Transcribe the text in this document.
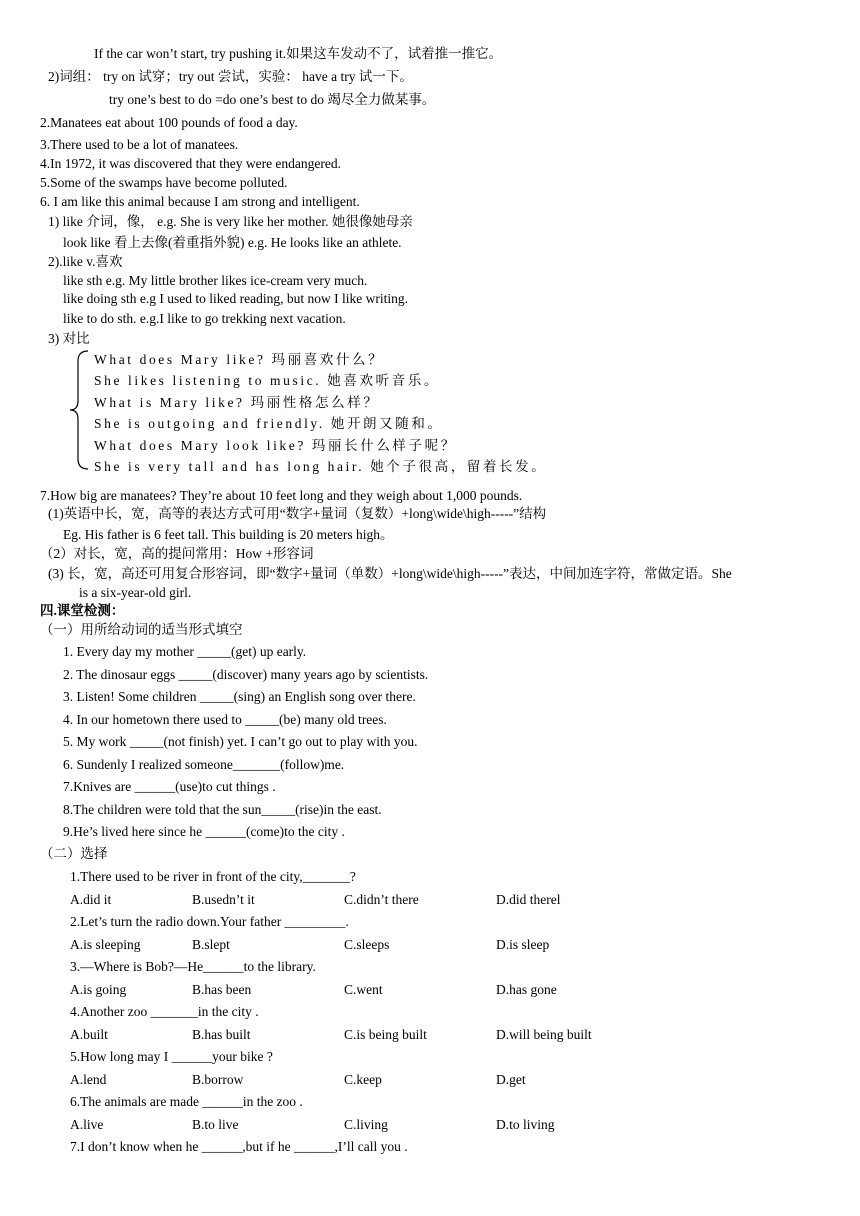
If the car won’t start, try pushing it.如果这车发动不了，试着推一推它。
2)词组： try on 试穿；try out 尝试，实验： have a try 试一下。
try one’s best to do =do one’s best to do 竭尽全力做某事。
2.Manatees eat about 100 pounds of food a day.
3.There used to be a lot of manatees.
4.In 1972, it was discovered that they were endangered.
5.Some of the swamps have become polluted.
6. I am like this animal because I am strong and intelligent.
1) like 介词，像， e.g. She is very like her mother. 她很像她母亲
look like 看上去像(着重指外貌) e.g. He looks like an athlete.
2).like v.喜欢
like sth e.g. My little brother likes ice-cream very much.
like doing sth e.g I used to liked reading, but now I like writing.
like to do sth. e.g.I like to go trekking next vacation.
3) 对比
What does Mary like? 玛丽喜欢什么？
She likes listening to music. 她喜欢听音乐。
What is Mary like? 玛丽性格怎么样？
She is outgoing and friendly. 她开朗又随和。
What does Mary look like? 玛丽长什么样子呢？
She is very tall and has long hair. 她个子很高，留着长发。
7.How big are manatees? They’re about 10 feet long and they weigh about 1,000 pounds.
(1)英语中长，宽，高等的表达方式可用“数字+量词（复数）+long\wide\high-----”结构
Eg. His father is 6 feet tall. This building is 20 meters high。
（2）对长，宽，高的提问常用：How +形容词
(3) 长，宽，高还可用复合形容词，即“数字+量词（单数）+long\wide\high-----”表达，中间加连字符，常做定语。She
is a six-year-old girl.
四.课堂检测：
（一）用所给动词的适当形式填空
1. Every day my mother _____(get) up early.
2. The dinosaur eggs _____(discover) many years ago by scientists.
3. Listen! Some children _____(sing) an English song over there.
4. In our hometown there used to _____(be) many old trees.
5. My work _____(not finish) yet. I can’t go out to play with you.
6. Sundenly I realized someone_______(follow)me.
7.Knives are ______(use)to cut things .
8.The children were told that the sun_____(rise)in the east.
9.He’s lived here since he ______(come)to the city .
（二）选择
1.There used to be river in front of the city,_______?
A.did it	B.usedn’t it	C.didn’t there	D.did therel
2.Let’s turn the radio down.Your father _________.
A.is sleeping	B.slept	C.sleeps	D.is sleep
3.—Where is Bob?—He______to the library.
A.is going	B.has been	C.went	D.has gone
4.Another zoo _______in the city .
A.built	B.has built	C.is being built	D.will being built
5.How long may I ______your bike ?
A.lend	B.borrow	C.keep	D.get
6.The animals are made ______in the zoo .
A.live	B.to live	C.living	D.to living
7.I don’t know when he ______,but if he ______,I’ll call you .
